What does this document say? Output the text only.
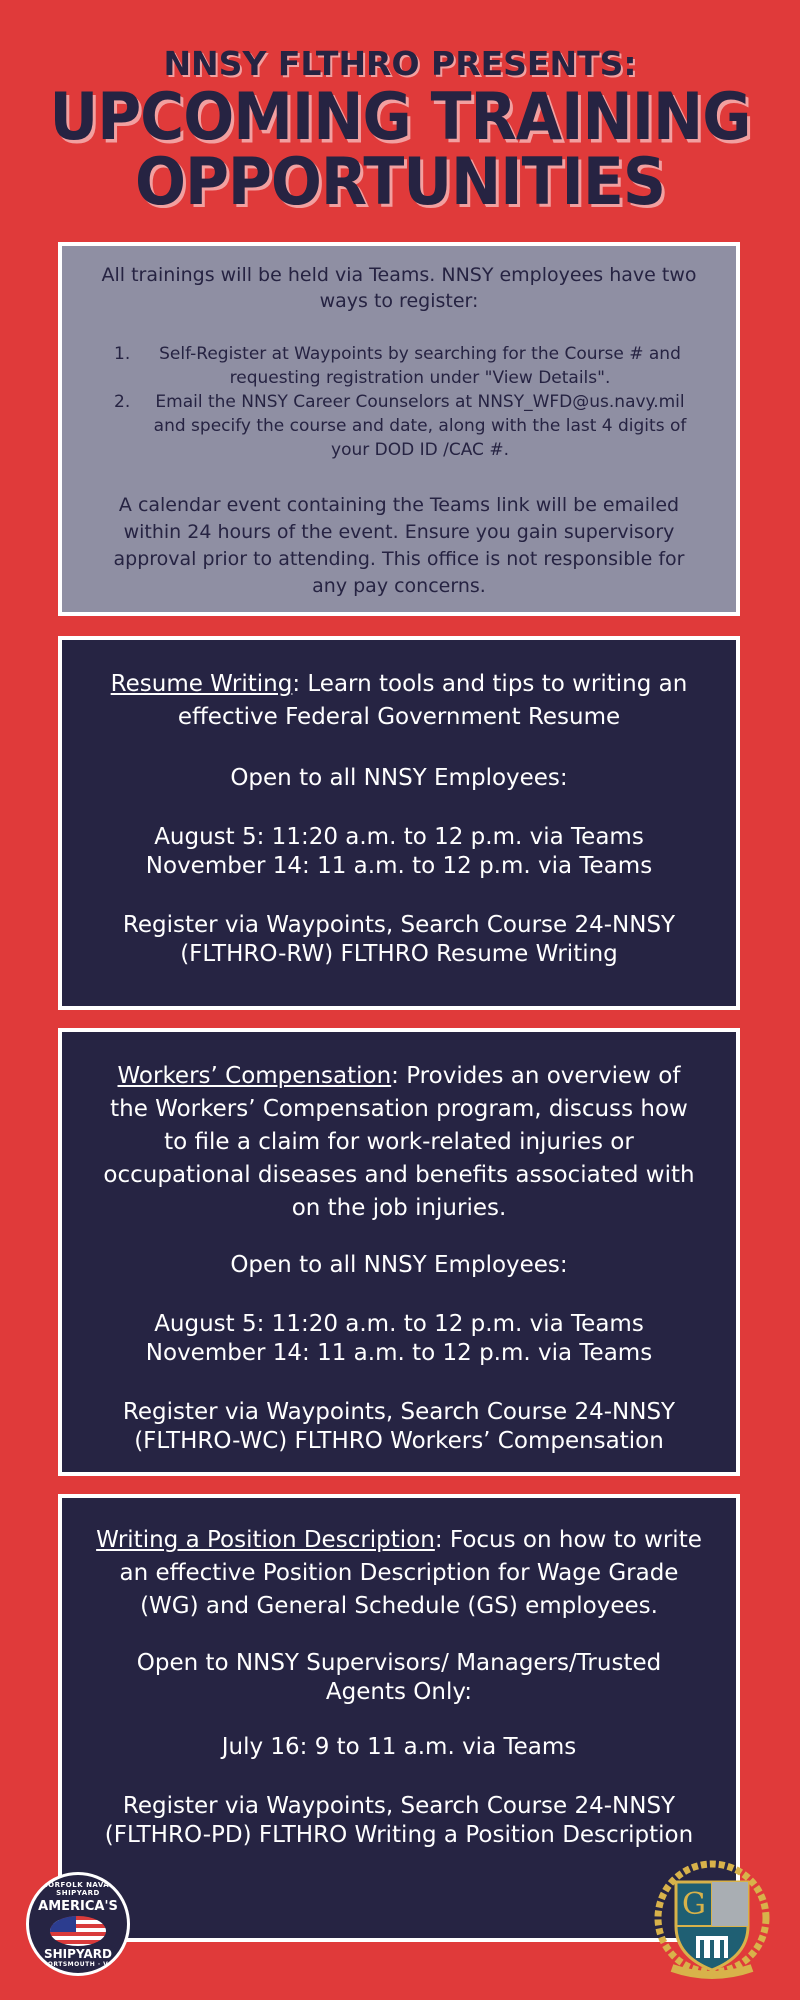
NNSY FLTHRO PRESENTS:
UPCOMING TRAINING
OPPORTUNITIES

All trainings will be held via Teams. NNSY employees have two ways to register:

1. Self-Register at Waypoints by searching for the Course # and requesting registration under "View Details".
2. Email the NNSY Career Counselors at NNSY_WFD@us.navy.mil and specify the course and date, along with the last 4 digits of your DOD ID /CAC #.

A calendar event containing the Teams link will be emailed within 24 hours of the event. Ensure you gain supervisory approval prior to attending. This office is not responsible for any pay concerns.

Resume Writing: Learn tools and tips to writing an effective Federal Government Resume
Open to all NNSY Employees:
August 5: 11:20 a.m. to 12 p.m. via Teams
November 14: 11 a.m. to 12 p.m. via Teams
Register via Waypoints, Search Course 24-NNSY (FLTHRO-RW) FLTHRO Resume Writing
Workers’ Compensation: Provides an overview of the Workers’ Compensation program, discuss how to file a claim for work-related injuries or occupational diseases and benefits associated with on the job injuries.
Open to all NNSY Employees:
August 5: 11:20 a.m. to 12 p.m. via Teams
November 14: 11 a.m. to 12 p.m. via Teams
Register via Waypoints, Search Course 24-NNSY (FLTHRO-WC) FLTHRO Workers’ Compensation
Writing a Position Description: Focus on how to write an effective Position Description for Wage Grade (WG) and General Schedule (GS) employees.
Open to NNSY Supervisors/ Managers/Trusted Agents Only:
July 16: 9 to 11 a.m. via Teams
Register via Waypoints, Search Course 24-NNSY (FLTHRO-PD) FLTHRO Writing a Position Description
NORFOLK NAVAL SHIPYARD
AMERICA'S
SHIPYARD
PORTSMOUTH · VA
G
